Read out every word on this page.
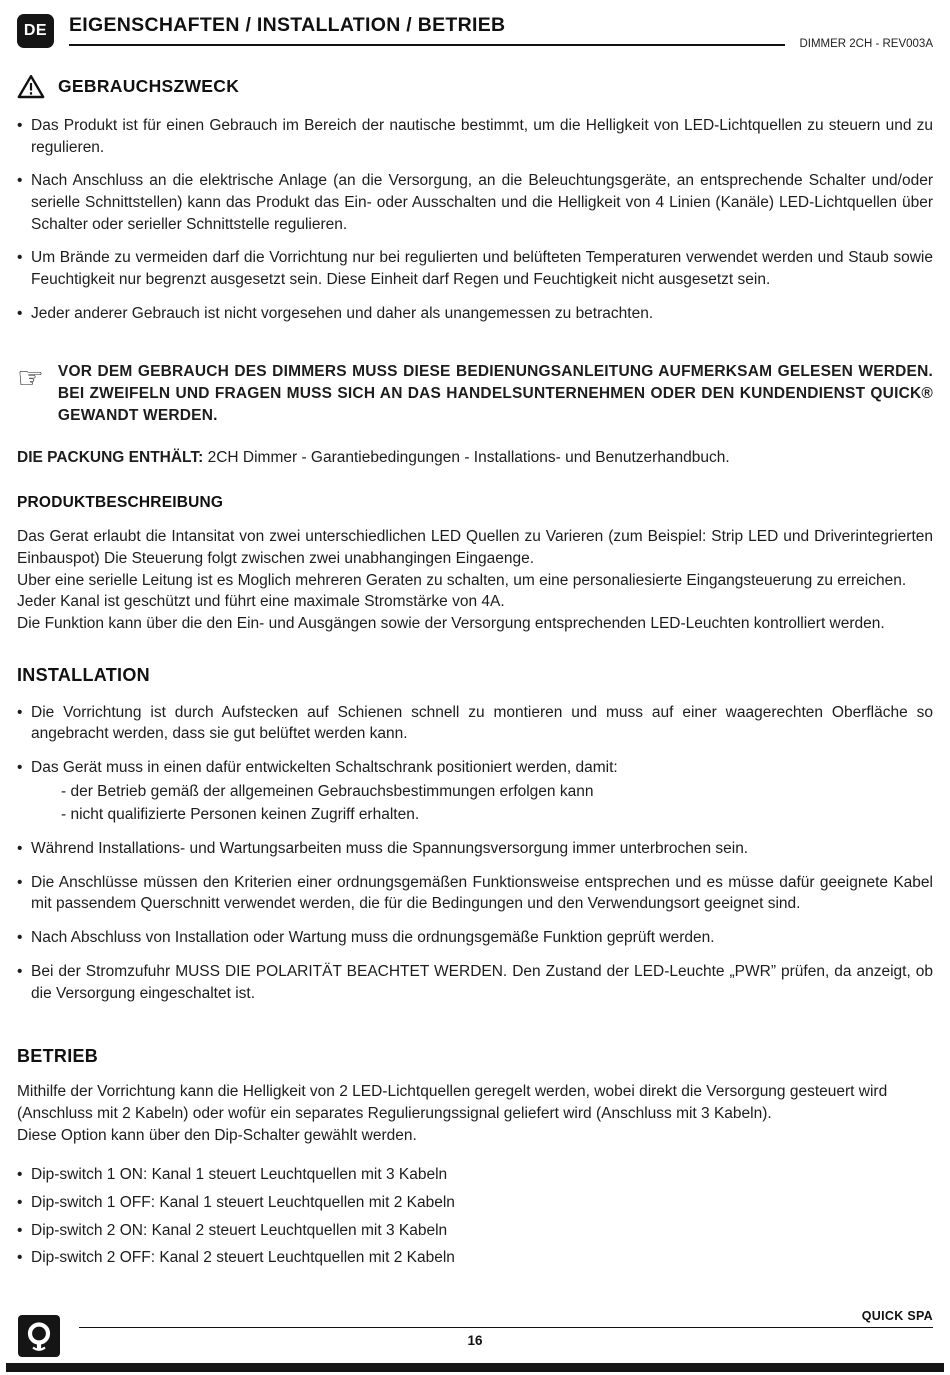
DE	EIGENSCHAFTEN / INSTALLATION / BETRIEB
DIMMER 2CH - REV003A
GEBRAUCHSZWECK
• Das Produkt ist für einen Gebrauch im Bereich der nautische bestimmt, um die Helligkeit von LED-Lichtquellen zu steuern und zu regulieren.
• Nach Anschluss an die elektrische Anlage (an die Versorgung, an die Beleuchtungsgeräte, an entsprechende Schalter und/oder serielle Schnittstellen) kann das Produkt das Ein- oder Ausschalten und die Helligkeit von 4 Linien (Kanäle) LED-Lichtquellen über Schalter oder serieller Schnittstelle regulieren.
• Um Brände zu vermeiden darf die Vorrichtung nur bei regulierten und belüfteten Temperaturen verwendet werden und Staub sowie Feuchtigkeit nur begrenzt ausgesetzt sein. Diese Einheit darf Regen und Feuchtigkeit nicht ausgesetzt sein.
• Jeder anderer Gebrauch ist nicht vorgesehen und daher als unangemessen zu betrachten.
☞ VOR DEM GEBRAUCH DES DIMMERS MUSS DIESE BEDIENUNGSANLEITUNG AUFMERKSAM GELESEN WERDEN. BEI ZWEIFELN UND FRAGEN MUSS SICH AN DAS HANDELSUNTERNEHMEN ODER DEN KUNDENDIENST QUICK® GEWANDT WERDEN.
DIE PACKUNG ENTHÄLT: 2CH Dimmer - Garantiebedingungen - Installations- und Benutzerhandbuch.
PRODUKTBESCHREIBUNG
Das Gerat erlaubt die Intansitat von zwei unterschiedlichen LED Quellen zu Varieren (zum Beispiel: Strip LED und Driverintegrierten Einbauspot) Die Steuerung folgt zwischen zwei unabhangingen Eingaenge.
Uber eine serielle Leitung ist es Moglich mehreren Geraten zu schalten, um eine personaliesierte Eingangsteuerung zu erreichen.
Jeder Kanal ist geschützt und führt eine maximale Stromstärke von 4A.
Die Funktion kann über die den Ein- und Ausgängen sowie der Versorgung entsprechenden LED-Leuchten kontrolliert werden.
INSTALLATION
• Die Vorrichtung ist durch Aufstecken auf Schienen schnell zu montieren und muss auf einer waagerechten Oberfläche so angebracht werden, dass sie gut belüftet werden kann.
• Das Gerät muss in einen dafür entwickelten Schaltschrank positioniert werden, damit:
- der Betrieb gemäß der allgemeinen Gebrauchsbestimmungen erfolgen kann
- nicht qualifizierte Personen keinen Zugriff erhalten.
• Während Installations- und Wartungsarbeiten muss die Spannungsversorgung immer unterbrochen sein.
• Die Anschlüsse müssen den Kriterien einer ordnungsgemäßen Funktionsweise entsprechen und es müsse dafür geeignete Kabel mit passendem Querschnitt verwendet werden, die für die Bedingungen und den Verwendungsort geeignet sind.
• Nach Abschluss von Installation oder Wartung muss die ordnungsgemäße Funktion geprüft werden.
• Bei der Stromzufuhr MUSS DIE POLARITÄT BEACHTET WERDEN. Den Zustand der LED-Leuchte „PWR” prüfen, da anzeigt, ob die Versorgung eingeschaltet ist.
BETRIEB
Mithilfe der Vorrichtung kann die Helligkeit von 2 LED-Lichtquellen geregelt werden, wobei direkt die Versorgung gesteuert wird (Anschluss mit 2 Kabeln) oder wofür ein separates Regulierungssignal geliefert wird (Anschluss mit 3 Kabeln).
Diese Option kann über den Dip-Schalter gewählt werden.
• Dip-switch 1 ON: Kanal 1 steuert Leuchtquellen mit 3 Kabeln
• Dip-switch 1 OFF: Kanal 1 steuert Leuchtquellen mit 2 Kabeln
• Dip-switch 2 ON: Kanal 2 steuert Leuchtquellen mit 3 Kabeln
• Dip-switch 2 OFF: Kanal 2 steuert Leuchtquellen mit 2 Kabeln
QUICK SPA
16
